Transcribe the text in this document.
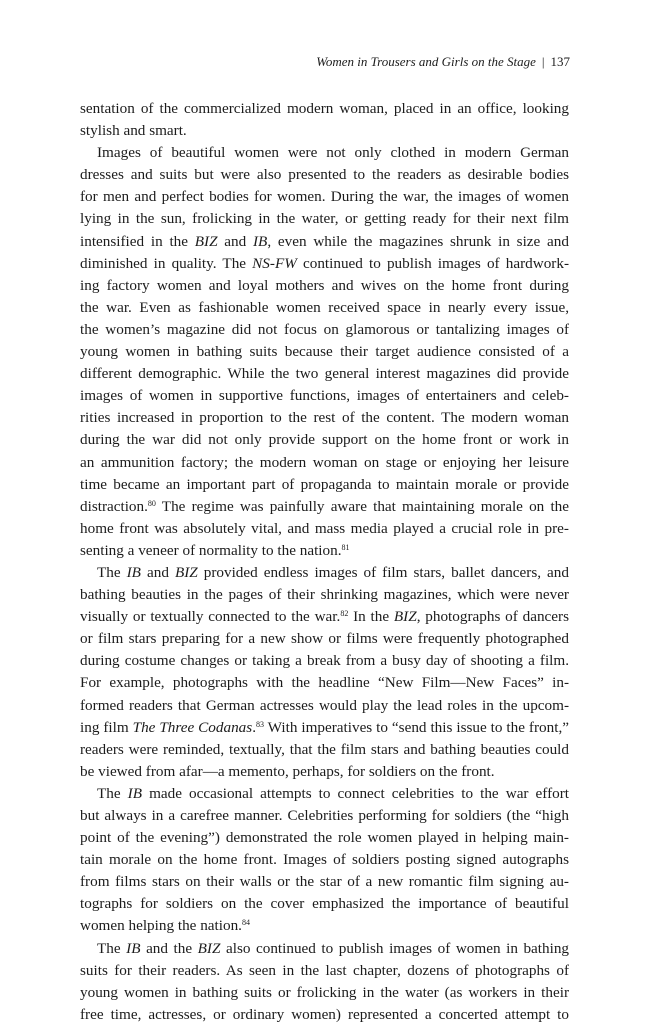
Women in Trousers and Girls on the Stage | 137
sentation of the commercialized modern woman, placed in an office, looking
stylish and smart.
Images of beautiful women were not only clothed in modern German
dresses and suits but were also presented to the readers as desirable bodies
for men and perfect bodies for women. During the war, the images of women
lying in the sun, frolicking in the water, or getting ready for their next film
intensified in the BIZ and IB, even while the magazines shrunk in size and
diminished in quality. The NS-FW continued to publish images of hardwork-
ing factory women and loyal mothers and wives on the home front during
the war. Even as fashionable women received space in nearly every issue,
the women’s magazine did not focus on glamorous or tantalizing images of
young women in bathing suits because their target audience consisted of a
different demographic. While the two general interest magazines did provide
images of women in supportive functions, images of entertainers and celeb-
rities increased in proportion to the rest of the content. The modern woman
during the war did not only provide support on the home front or work in
an ammunition factory; the modern woman on stage or enjoying her leisure
time became an important part of propaganda to maintain morale or provide
distraction.$^{80}$ The regime was painfully aware that maintaining morale on the
home front was absolutely vital, and mass media played a crucial role in pre-
senting a veneer of normality to the nation.$^{81}$
The IB and BIZ provided endless images of film stars, ballet dancers, and
bathing beauties in the pages of their shrinking magazines, which were never
visually or textually connected to the war.$^{82}$ In the BIZ, photographs of dancers
or film stars preparing for a new show or films were frequently photographed
during costume changes or taking a break from a busy day of shooting a film.
For example, photographs with the headline “New Film—New Faces” in-
formed readers that German actresses would play the lead roles in the upcom-
ing film The Three Codanas.$^{83}$ With imperatives to “send this issue to the front,”
readers were reminded, textually, that the film stars and bathing beauties could
be viewed from afar—a memento, perhaps, for soldiers on the front.
The IB made occasional attempts to connect celebrities to the war effort
but always in a carefree manner. Celebrities performing for soldiers (the “high
point of the evening”) demonstrated the role women played in helping main-
tain morale on the home front. Images of soldiers posting signed autographs
from films stars on their walls or the star of a new romantic film signing au-
tographs for soldiers on the cover emphasized the importance of beautiful
women helping the nation.$^{84}$
The IB and the BIZ also continued to publish images of women in bathing
suits for their readers. As seen in the last chapter, dozens of photographs of
young women in bathing suits or frolicking in the water (as workers in their
free time, actresses, or ordinary women) represented a concerted attempt to
